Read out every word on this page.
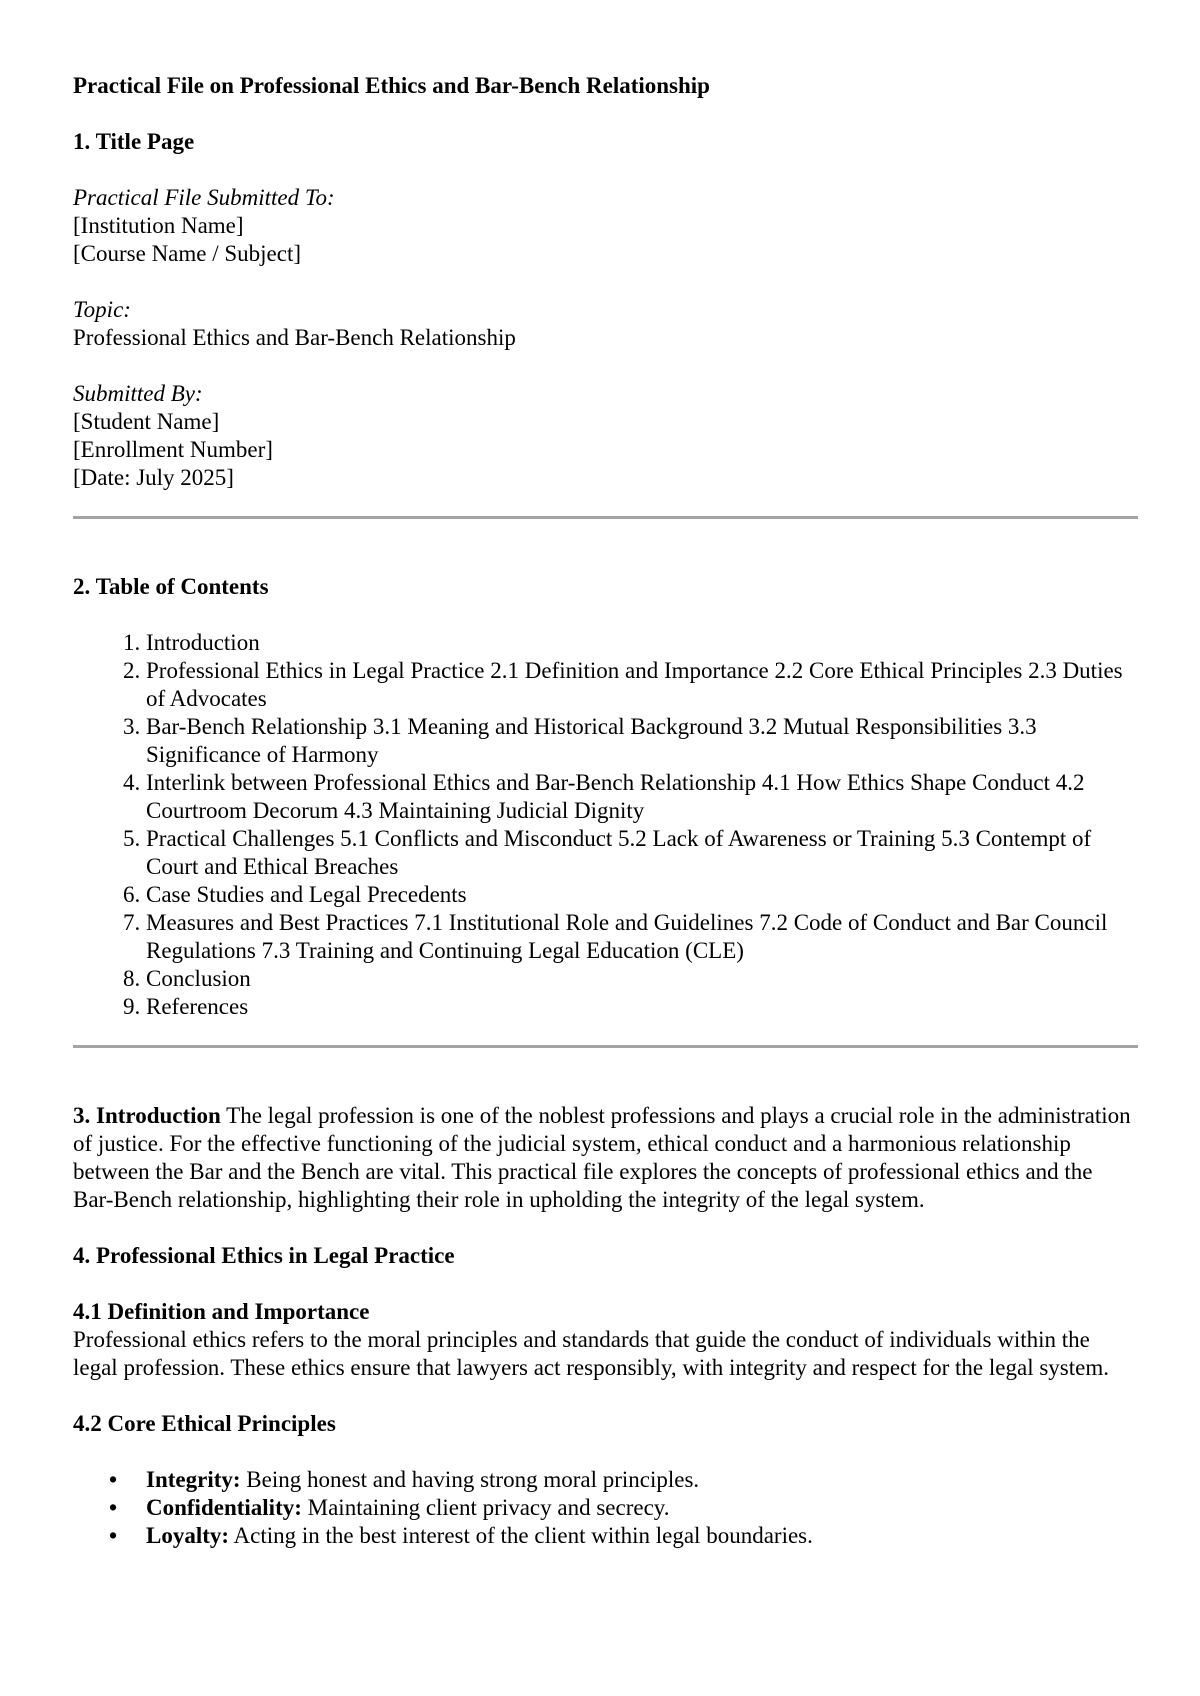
Practical File on Professional Ethics and Bar-Bench Relationship

1. Title Page

Practical File Submitted To:

[Institution Name]

[Course Name / Subject]

Topic:

Professional Ethics and Bar-Bench Relationship

Submitted By:

[Student Name]

[Enrollment Number]

[Date: July 2025]

2. Table of Contents

1. Introduction
2. Professional Ethics in Legal Practice 2.1 Definition and Importance 2.2 Core Ethical Principles 2.3 Duties of Advocates
3. Bar-Bench Relationship 3.1 Meaning and Historical Background 3.2 Mutual Responsibilities 3.3 Significance of Harmony
4. Interlink between Professional Ethics and Bar-Bench Relationship 4.1 How Ethics Shape Conduct 4.2 Courtroom Decorum 4.3 Maintaining Judicial Dignity
5. Practical Challenges 5.1 Conflicts and Misconduct 5.2 Lack of Awareness or Training 5.3 Contempt of Court and Ethical Breaches
6. Case Studies and Legal Precedents
7. Measures and Best Practices 7.1 Institutional Role and Guidelines 7.2 Code of Conduct and Bar Council Regulations 7.3 Training and Continuing Legal Education (CLE)
8. Conclusion
9. References

3. Introduction The legal profession is one of the noblest professions and plays a crucial role in the administration of justice. For the effective functioning of the judicial system, ethical conduct and a harmonious relationship between the Bar and the Bench are vital. This practical file explores the concepts of professional ethics and the Bar-Bench relationship, highlighting their role in upholding the integrity of the legal system.

4. Professional Ethics in Legal Practice

4.1 Definition and Importance

Professional ethics refers to the moral principles and standards that guide the conduct of individuals within the legal profession. These ethics ensure that lawyers act responsibly, with integrity and respect for the legal system.

4.2 Core Ethical Principles

• Integrity: Being honest and having strong moral principles.
• Confidentiality: Maintaining client privacy and secrecy.
• Loyalty: Acting in the best interest of the client within legal boundaries.
